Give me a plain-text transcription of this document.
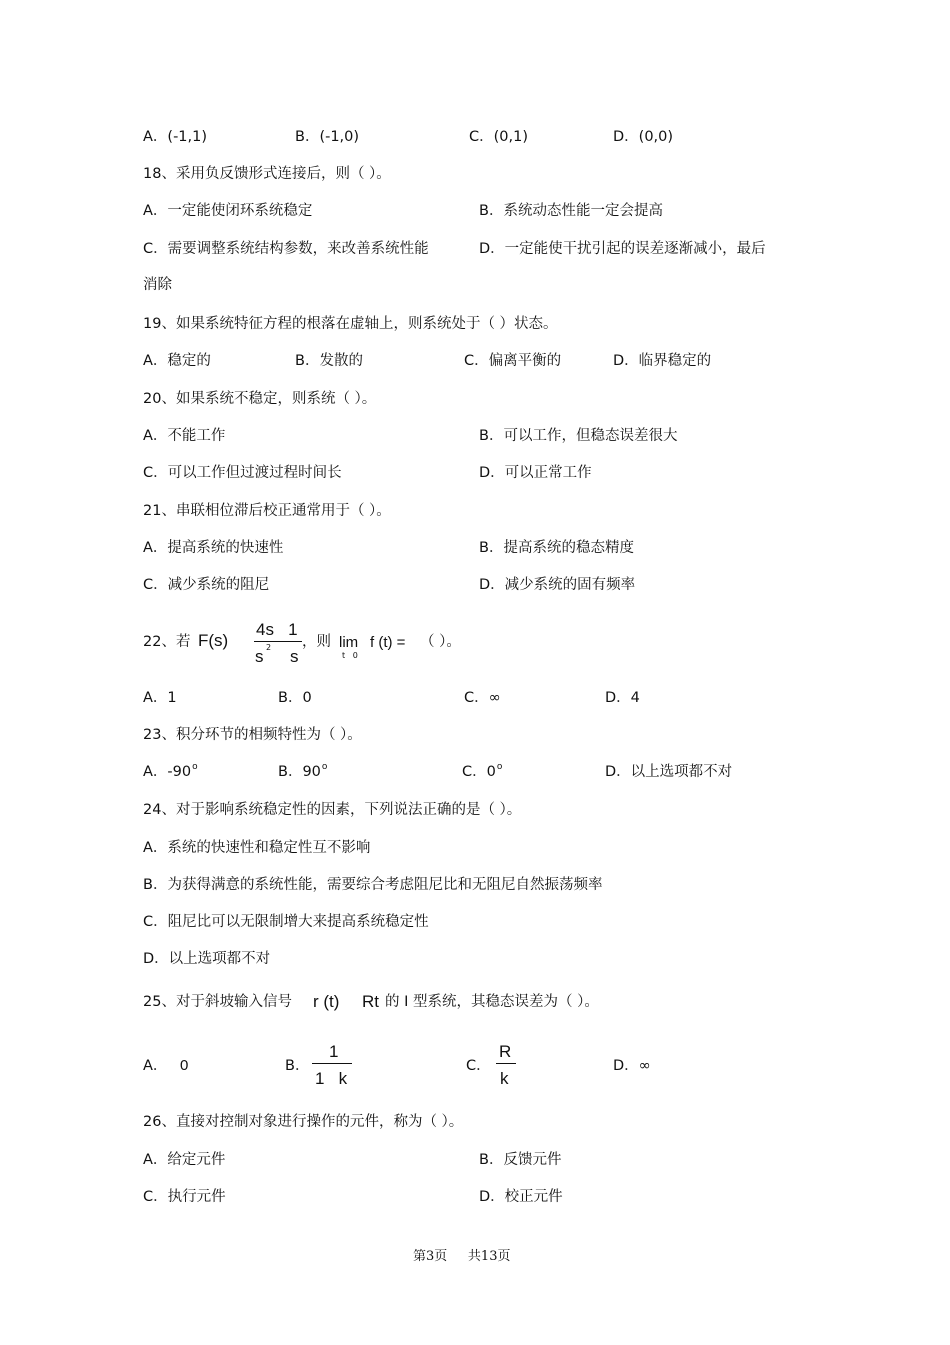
A．(-1,1)	B．(-1,0)	C．(0,1)	D．(0,0)
18、采用负反馈形式连接后，则（ ）。
A．一定能使闭环系统稳定	B．系统动态性能一定会提高
C．需要调整系统结构参数，来改善系统性能	D．一定能使干扰引起的误差逐渐减小，最后
消除
19、如果系统特征方程的根落在虚轴上，则系统处于（ ）状态。
A．稳定的	B．发散的	C．偏离平衡的	D．临界稳定的
20、如果系统不稳定，则系统（ ）。
A．不能工作	B．可以工作，但稳态误差很大
C．可以工作但过渡过程时间长	D．可以正常工作
21、串联相位滞后校正通常用于（ ）。
A．提高系统的快速性	B．提高系统的稳态精度
C．减少系统的阻尼	D．减少系统的固有频率
22、若 F(s)
4s   1
s 2 s
，则 lim
t   0
f (t) = （ ）。
A．1	B．0	C．∞	D．4
23、积分环节的相频特性为（ ）。
A．-90$^o$	B．90$^o$	C．0$^o$	D．以上选项都不对
24、对于影响系统稳定性的因素，下列说法正确的是（ ）。
A．系统的快速性和稳定性互不影响
B．为获得满意的系统性能，需要综合考虑阻尼比和无阻尼自然振荡频率
C．阻尼比可以无限制增大来提高系统稳定性
D．以上选项都不对
25、对于斜坡输入信号 r (t) Rt 的 I 型系统，其稳态误差为（ ）。
A． 0	B．
1
1   k
C．
R
k
D．∞
26、直接对控制对象进行操作的元件，称为（ ）。
A．给定元件	B．反馈元件
C．执行元件	D．校正元件
第3页     共13页
